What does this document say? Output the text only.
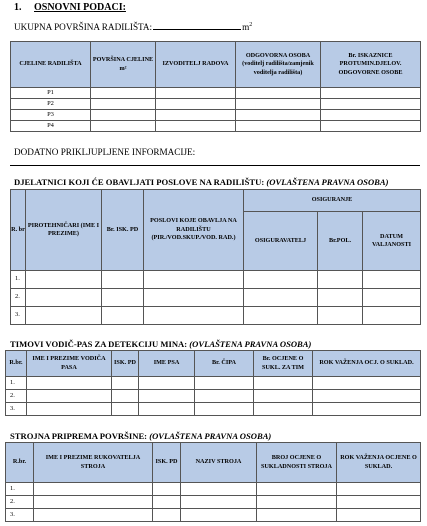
1. OSNOVNI PODACI:
UKUPNA POVRŠINA RADILIŠTA:	$m^2$
CJELINE RADILIŠTA	POVRŠINA CJELINE m²	IZVODITELJ RADOVA	ODGOVORNA OSOBA (voditelj radilišta/zamjenik voditelja radilišta)	Br. ISKAZNICE PROTUMIN.DJELOV. ODGOVORNE OSOBE
P1				
P2				
P3				
P4				
DODATNO PRIKLJUPLJENE INFORMACIJE:
DJELATNICI KOJI ĆE OBAVLJATI POSLOVE NA RADILIŠTU: (OVLAŠTENA PRAVNA OSOBA)
R. br	PIROTEHNIČARI (IME I PREZIME)	Br. ISK. PD	POSLOVI KOJE OBAVLJA NA RADILIŠTU (PIR./VOD.SKUP./VOD. RAD.)	OSIGURANJE		
				OSIGURAVATELJ	Br.POL.	DATUM VALJANOSTI
1.						
2.						
3.						
TIMOVI VODIČ-PAS ZA DETEKCIJU MINA: (OVLAŠTENA PRAVNA OSOBA)
R.br.	IME I PREZIME VODIČA PASA	ISK. PD	IME PSA	Br. ČIPA	Br. OCJENE O SUKL. ZA TIM	ROK VAŽENJA OCJ. O SUKLAD.
1.						
2.						
3.						
STROJNA PRIPREMA POVRŠINE: (OVLAŠTENA PRAVNA OSOBA)
R.br.	IME I PREZIME RUKOVATELJA STROJA	ISK. PD	NAZIV STROJA	BROJ OCJENE O SUKLADNOSTI STROJA	ROK VAŽENJA OCJENE O SUKLAD.
1.					
2.					
3.					
